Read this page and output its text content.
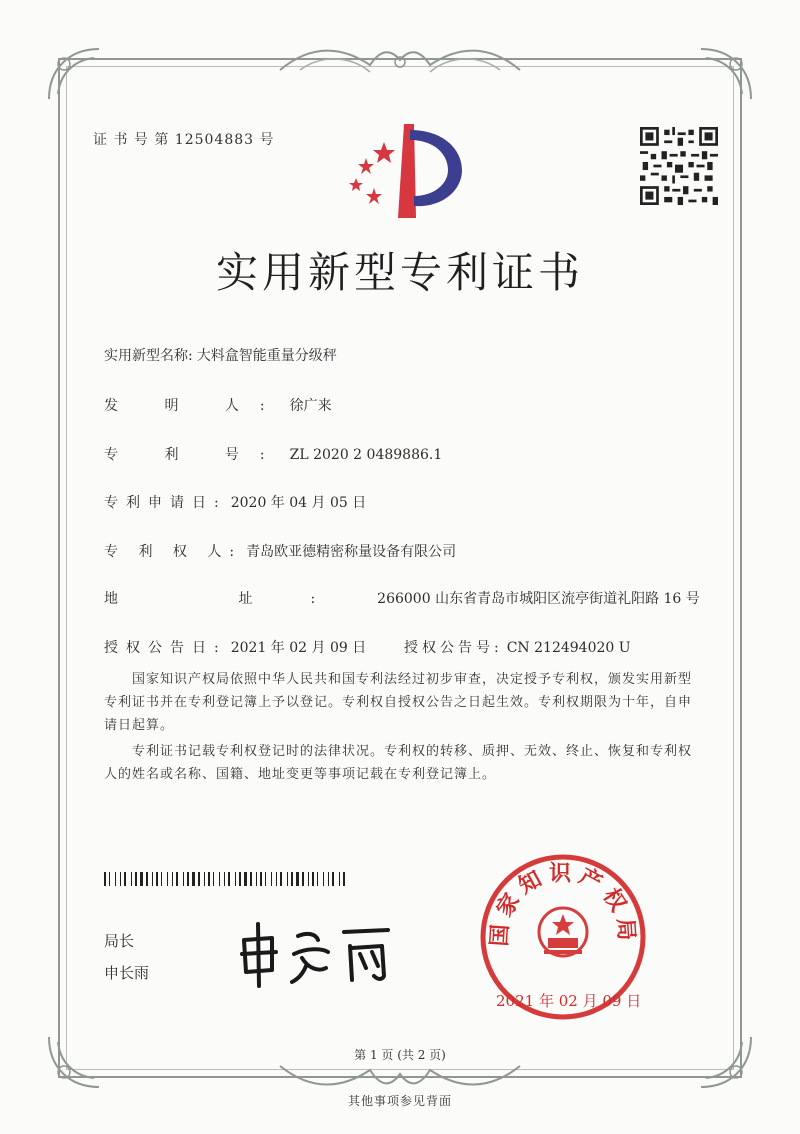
证 书 号 第 12504883 号
实用新型专利证书
实用新型名称: 大料盒智能重量分级秤
发 明 人: 徐广来
专 利 号: ZL 2020 2 0489886.1
专利申请日: 2020 年 04 月 05 日
专 利 权 人: 青岛欧亚德精密称量设备有限公司
地 址: 266000 山东省青岛市城阳区流亭街道礼阳路 16 号
授权公告日: 2021 年 02 月 09 日	授权公告号: CN 212494020 U
国家知识产权局依照中华人民共和国专利法经过初步审查，决定授予专利权，颁发实用新型专利证书并在专利登记簿上予以登记。专利权自授权公告之日起生效。专利权期限为十年，自申请日起算。
专利证书记载专利权登记时的法律状况。专利权的转移、质押、无效、终止、恢复和专利权人的姓名或名称、国籍、地址变更等事项记载在专利登记簿上。
局长
申长雨
国家知识产权局
2021 年 02 月 09 日
第 1 页 (共 2 页)
其他事项参见背面
